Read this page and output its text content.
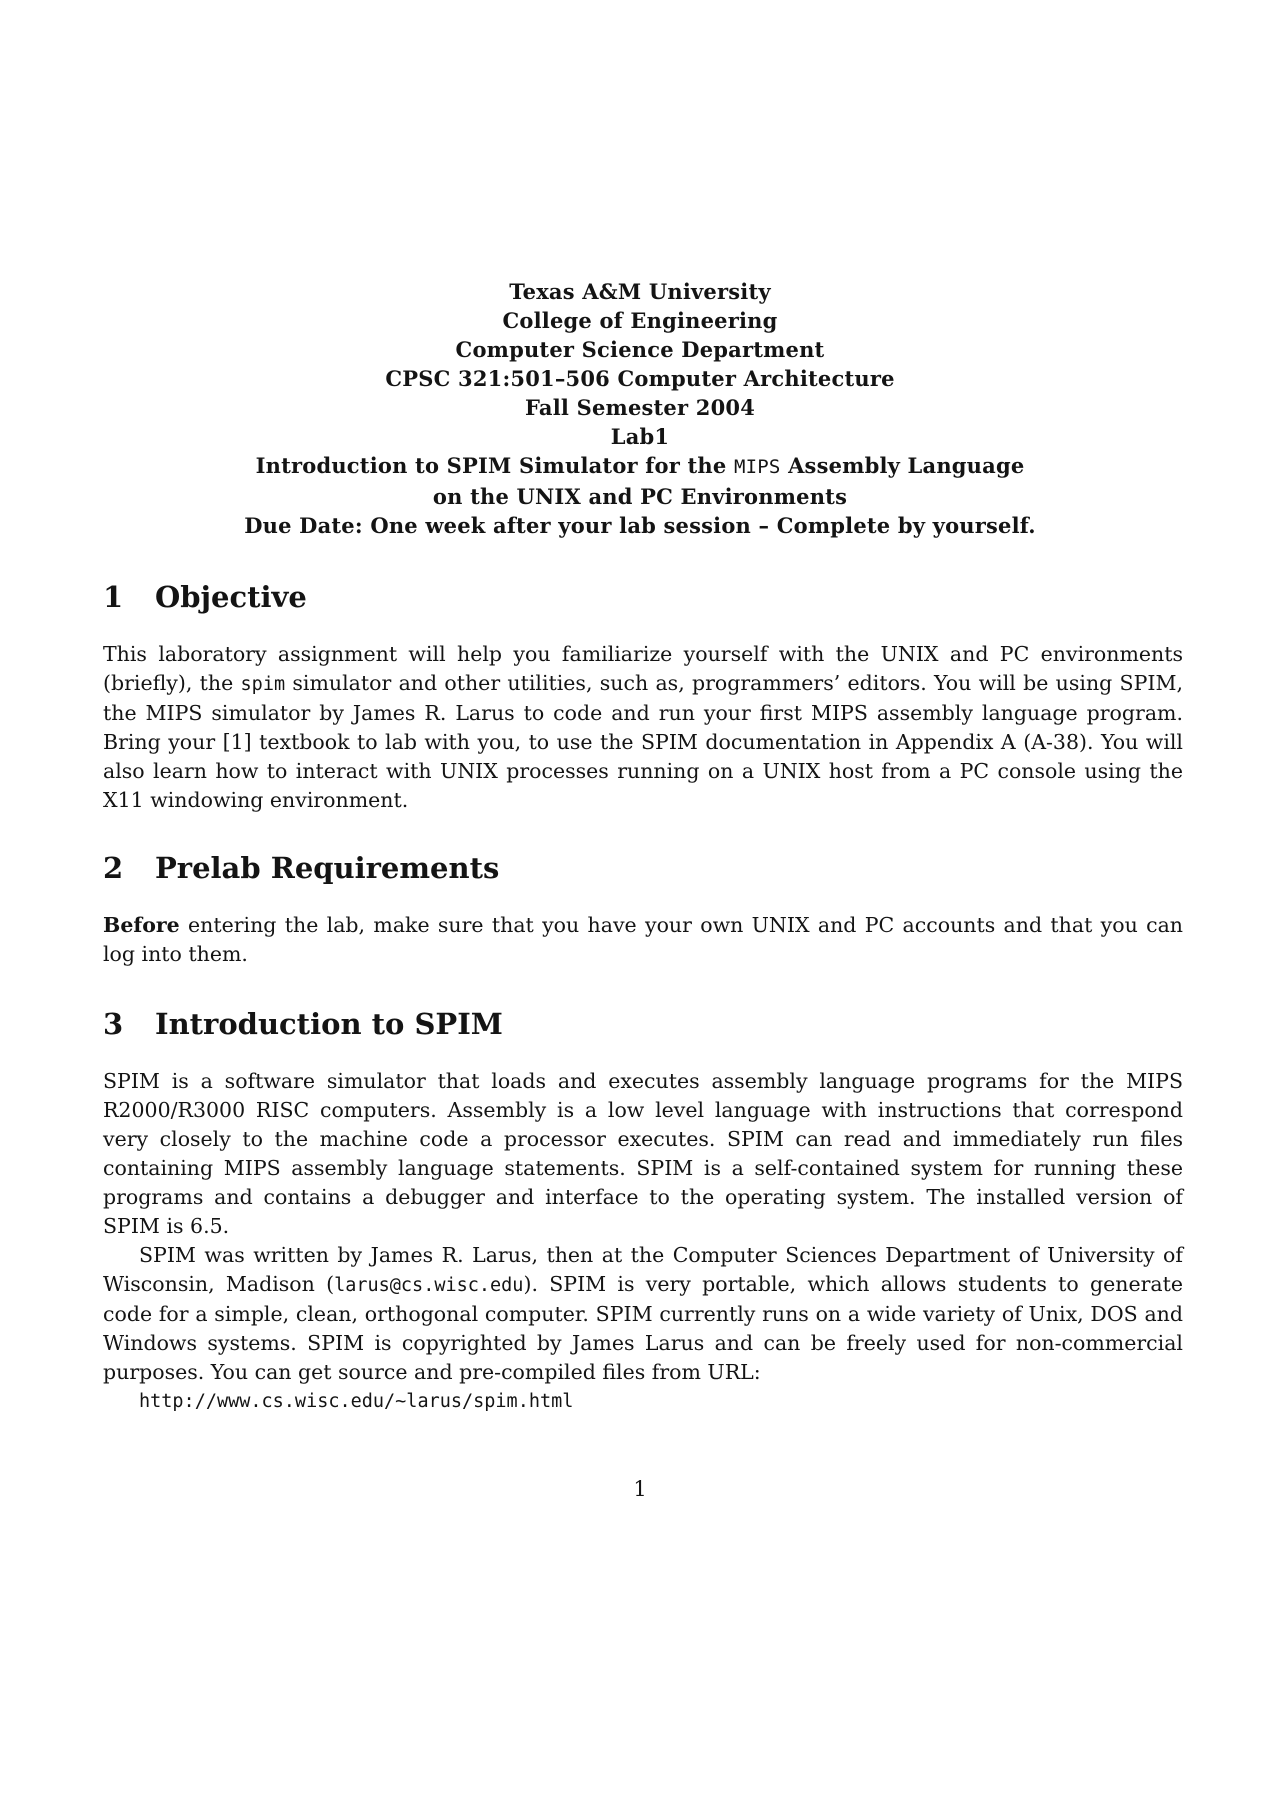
Texas A&M University
College of Engineering
Computer Science Department
CPSC 321:501–506 Computer Architecture
Fall Semester 2004
Lab1
Introduction to SPIM Simulator for the MIPS Assembly Language
on the UNIX and PC Environments
Due Date: One week after your lab session – Complete by yourself.
1 Objective

This laboratory assignment will help you familiarize yourself with the UNIX and PC environments (briefly), the spim simulator and other utilities, such as, programmers’ editors. You will be using SPIM, the MIPS simulator by James R. Larus to code and run your first MIPS assembly language program. Bring your [1] textbook to lab with you, to use the SPIM documentation in Appendix A (A-38). You will also learn how to interact with UNIX processes running on a UNIX host from a PC console using the X11 windowing environment.

2 Prelab Requirements

Before entering the lab, make sure that you have your own UNIX and PC accounts and that you can log into them.

3 Introduction to SPIM

SPIM is a software simulator that loads and executes assembly language programs for the MIPS R2000/R3000 RISC computers. Assembly is a low level language with instructions that correspond very closely to the machine code a processor executes. SPIM can read and immediately run files containing MIPS assembly language statements. SPIM is a self-contained system for running these programs and contains a debugger and interface to the operating system. The installed version of SPIM is 6.5.

SPIM was written by James R. Larus, then at the Computer Sciences Department of University of Wisconsin, Madison (larus@cs.wisc.edu). SPIM is very portable, which allows students to generate code for a simple, clean, orthogonal computer. SPIM currently runs on a wide variety of Unix, DOS and Windows systems. SPIM is copyrighted by James Larus and can be freely used for non-commercial purposes. You can get source and pre-compiled files from URL:

http://www.cs.wisc.edu/~larus/spim.html
1
